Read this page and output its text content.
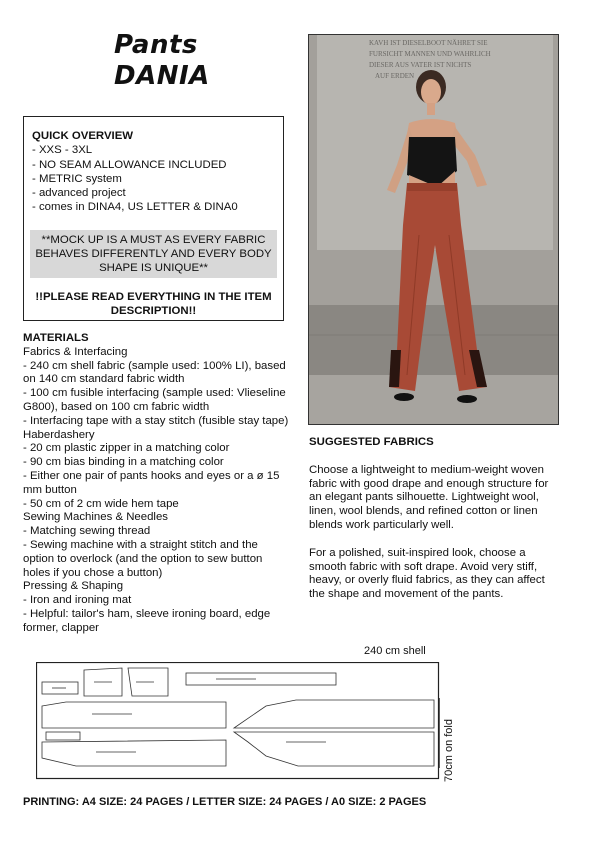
Pants
DANIA
QUICK OVERVIEW
- XXS - 3XL
- NO SEAM ALLOWANCE INCLUDED
- METRIC system
- advanced project
- comes in DINA4, US LETTER & DINA0
**MOCK UP IS A MUST AS EVERY FABRIC BEHAVES DIFFERENTLY AND EVERY BODY SHAPE IS UNIQUE**
!!PLEASE READ EVERYTHING IN THE ITEM DESCRIPTION!!
KAVH IST DIESELBOOT NÄHRET SIE
FURSICHT MANNEN UND WAHRLICH
DIESER AUS VATER IST NICHTS
AUF ERDEN
MATERIALS
Fabrics & Interfacing
- 240 cm shell fabric (sample used: 100% LI), based on 140 cm standard fabric width
- 100 cm fusible interfacing (sample used: Vlieseline G800), based on 100 cm fabric width
- Interfacing tape with a stay stitch (fusible stay tape)
Haberdashery
- 20 cm plastic zipper in a matching color
- 90 cm bias binding in a matching color
- Either one pair of pants hooks and eyes or a ø 15 mm button
- 50 cm of 2 cm wide hem tape
Sewing Machines & Needles
- Matching sewing thread
- Sewing machine with a straight stitch and the option to overlock (and the option to sew button holes if you chose a button)
Pressing & Shaping
- Iron and ironing mat
- Helpful: tailor's ham, sleeve ironing board, edge former, clapper
SUGGESTED FABRICS

Choose a lightweight to medium-weight woven fabric with good drape and enough structure for an elegant pants silhouette. Lightweight wool, linen, wool blends, and refined cotton or linen blends work particularly well.

For a polished, suit-inspired look, choose a smooth fabric with soft drape. Avoid very stiff, heavy, or overly fluid fabrics, as they can affect the shape and movement of the pants.

240 cm shell
70cm on fold
PRINTING: A4 SIZE: 24 PAGES / LETTER SIZE: 24 PAGES / A0 SIZE: 2 PAGES
